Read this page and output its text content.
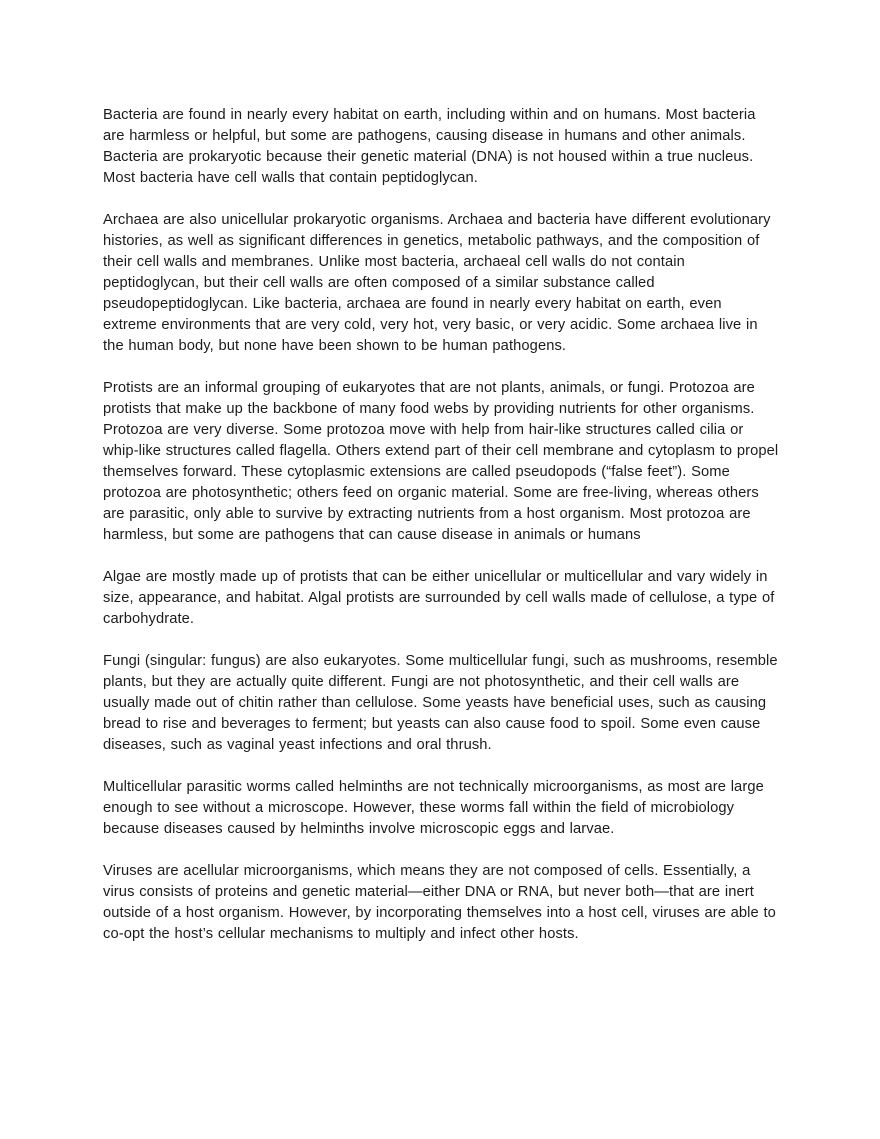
Bacteria are found in nearly every habitat on earth, including within and on humans. Most bacteria are harmless or helpful, but some are pathogens, causing disease in humans and other animals. Bacteria are prokaryotic because their genetic material (DNA) is not housed within a true nucleus. Most bacteria have cell walls that contain peptidoglycan.

Archaea are also unicellular prokaryotic organisms. Archaea and bacteria have different evolutionary histories, as well as significant differences in genetics, metabolic pathways, and the composition of their cell walls and membranes. Unlike most bacteria, archaeal cell walls do not contain peptidoglycan, but their cell walls are often composed of a similar substance called pseudopeptidoglycan. Like bacteria, archaea are found in nearly every habitat on earth, even extreme environments that are very cold, very hot, very basic, or very acidic. Some archaea live in the human body, but none have been shown to be human pathogens.

Protists are an informal grouping of eukaryotes that are not plants, animals, or fungi. Protozoa are protists that make up the backbone of many food webs by providing nutrients for other organisms. Protozoa are very diverse. Some protozoa move with help from hair-like structures called cilia or whip-like structures called flagella. Others extend part of their cell membrane and cytoplasm to propel themselves forward. These cytoplasmic extensions are called pseudopods (“false feet”). Some protozoa are photosynthetic; others feed on organic material. Some are free-living, whereas others are parasitic, only able to survive by extracting nutrients from a host organism. Most protozoa are harmless, but some are pathogens that can cause disease in animals or humans

Algae are mostly made up of protists that can be either unicellular or multicellular and vary widely in size, appearance, and habitat. Algal protists are surrounded by cell walls made of cellulose, a type of carbohydrate.

Fungi (singular: fungus) are also eukaryotes. Some multicellular fungi, such as mushrooms, resemble plants, but they are actually quite different. Fungi are not photosynthetic, and their cell walls are usually made out of chitin rather than cellulose. Some yeasts have beneficial uses, such as causing bread to rise and beverages to ferment; but yeasts can also cause food to spoil. Some even cause diseases, such as vaginal yeast infections and oral thrush.

Multicellular parasitic worms called helminths are not technically microorganisms, as most are large enough to see without a microscope. However, these worms fall within the field of microbiology because diseases caused by helminths involve microscopic eggs and larvae.

Viruses are acellular microorganisms, which means they are not composed of cells. Essentially, a virus consists of proteins and genetic material—either DNA or RNA, but never both—that are inert outside of a host organism. However, by incorporating themselves into a host cell, viruses are able to co-opt the host’s cellular mechanisms to multiply and infect other hosts.
